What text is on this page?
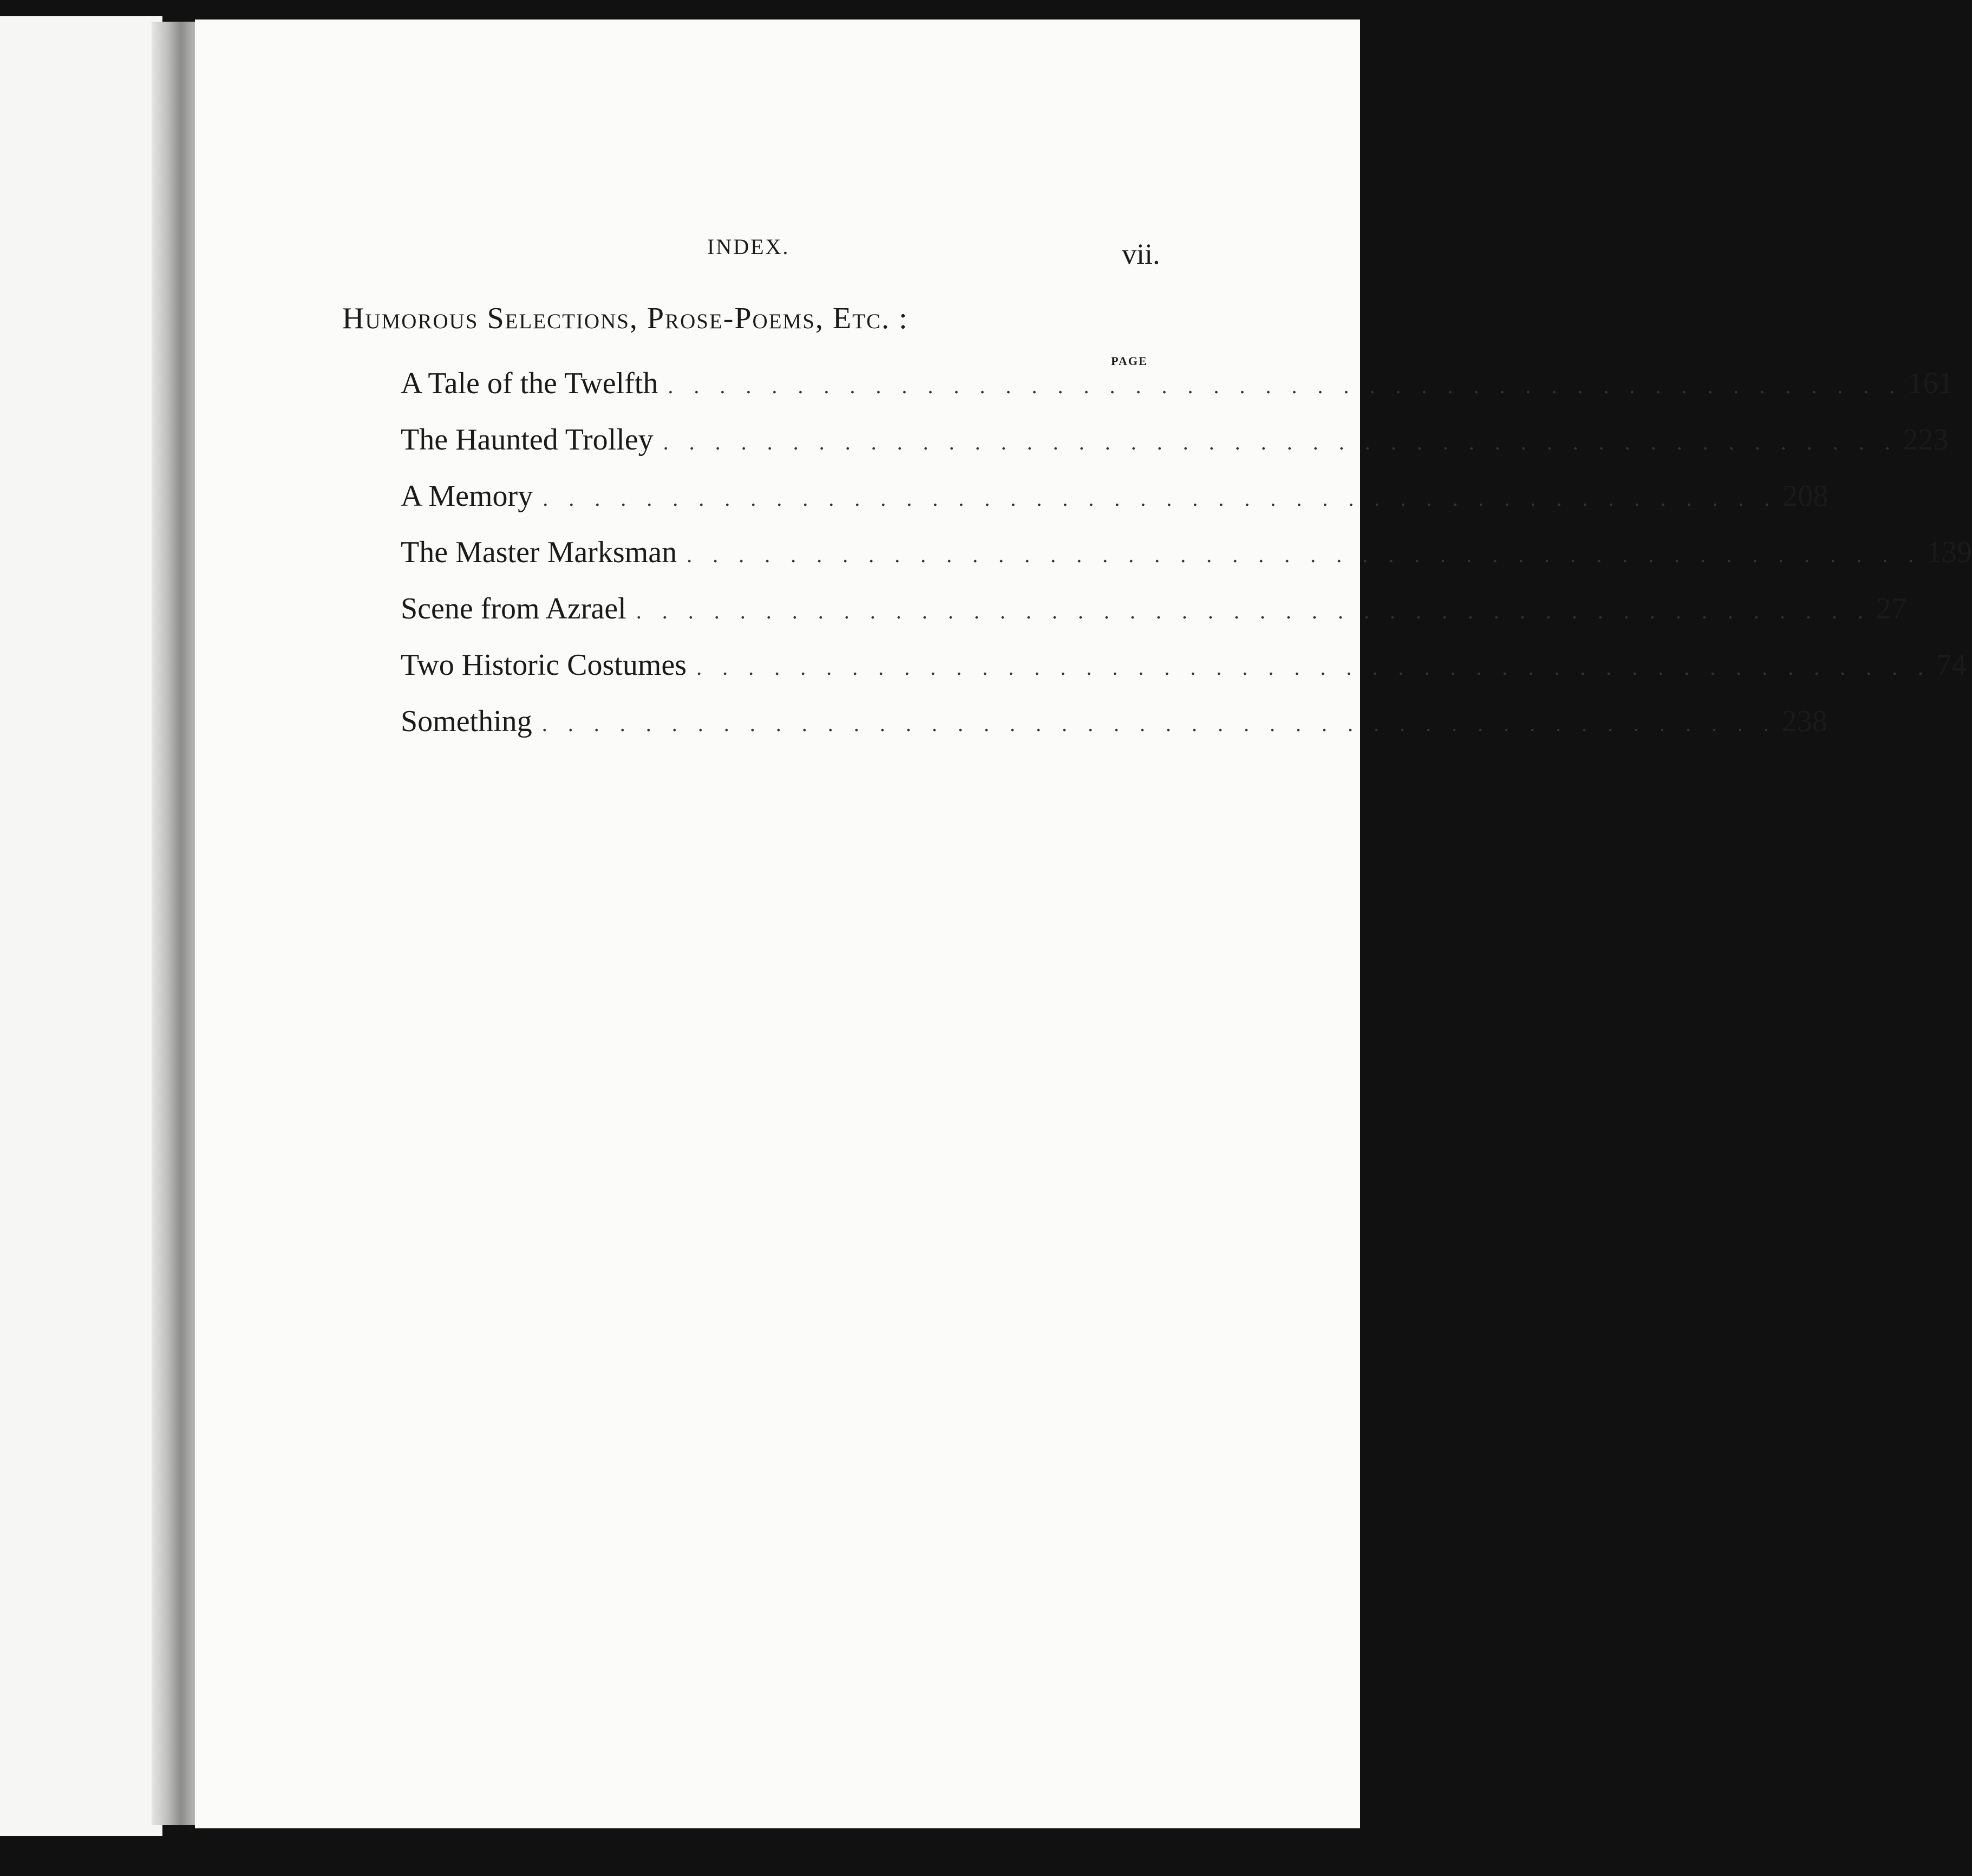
INDEX.	vii.
Humorous Selections, Prose-Poems, Etc. :
PAGE
A Tale of the Twelfth . . . . . . . . . . . . . . . . . . . . . . . . . . . . . . . . . . . . . . . . . . . . . . . . 161
The Haunted Trolley . . . . . . . . . . . . . . . . . . . . . . . . . . . . . . . . . . . . . . . . . . . . . . . . 223
A Memory . . . . . . . . . . . . . . . . . . . . . . . . . . . . . . . . . . . . . . . . . . . . . . . . 208
The Master Marksman . . . . . . . . . . . . . . . . . . . . . . . . . . . . . . . . . . . . . . . . . . . . . . . . 139
Scene from Azrael . . . . . . . . . . . . . . . . . . . . . . . . . . . . . . . . . . . . . . . . . . . . . . . . 27
Two Historic Costumes . . . . . . . . . . . . . . . . . . . . . . . . . . . . . . . . . . . . . . . . . . . . . . . . 74
Something . . . . . . . . . . . . . . . . . . . . . . . . . . . . . . . . . . . . . . . . . . . . . . . . 238
